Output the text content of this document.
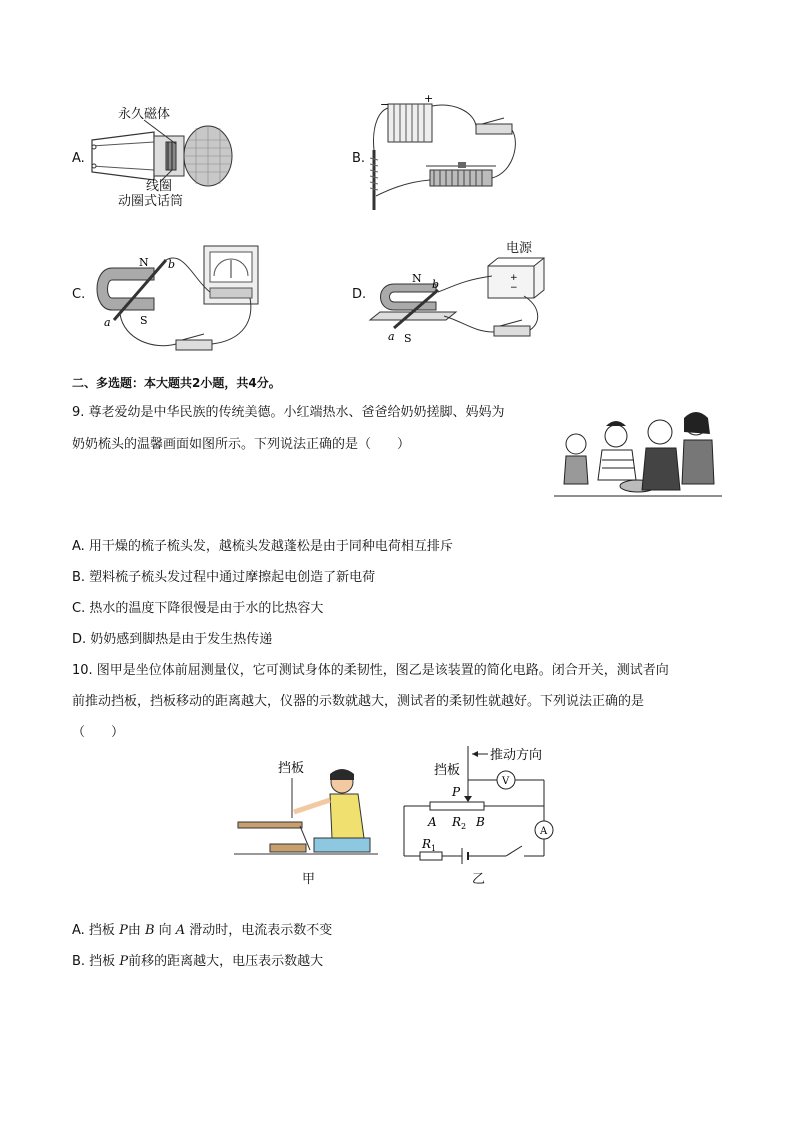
A.
永久磁体
线圈
动圈式话筒
B.
−	+
C.
N
S
a
b
D.
电源
+
−
N
S
a
b
二、多选题：本大题共2小题，共4分。
9. 尊老爱幼是中华民族的传统美德。小红端热水、爸爸给奶奶搓脚、妈妈为
奶奶梳头的温馨画面如图所示。下列说法正确的是（　　）
A. 用干燥的梳子梳头发，越梳头发越蓬松是由于同种电荷相互排斥
B. 塑料梳子梳头发过程中通过摩擦起电创造了新电荷
C. 热水的温度下降很慢是由于水的比热容大
D. 奶奶感到脚热是由于发生热传递
10. 图甲是坐位体前屈测量仪，它可测试身体的柔韧性，图乙是该装置的简化电路。闭合开关，测试者向
前推动挡板，挡板移动的距离越大，仪器的示数就越大，测试者的柔韧性就越好。下列说法正确的是
（　　）
挡板
甲
推动方向
挡板
P
V
A R 2 B
A
R 1
乙
A. 挡板 P由 B 向 A 滑动时，电流表示数不变
B. 挡板 P前移的距离越大，电压表示数越大
